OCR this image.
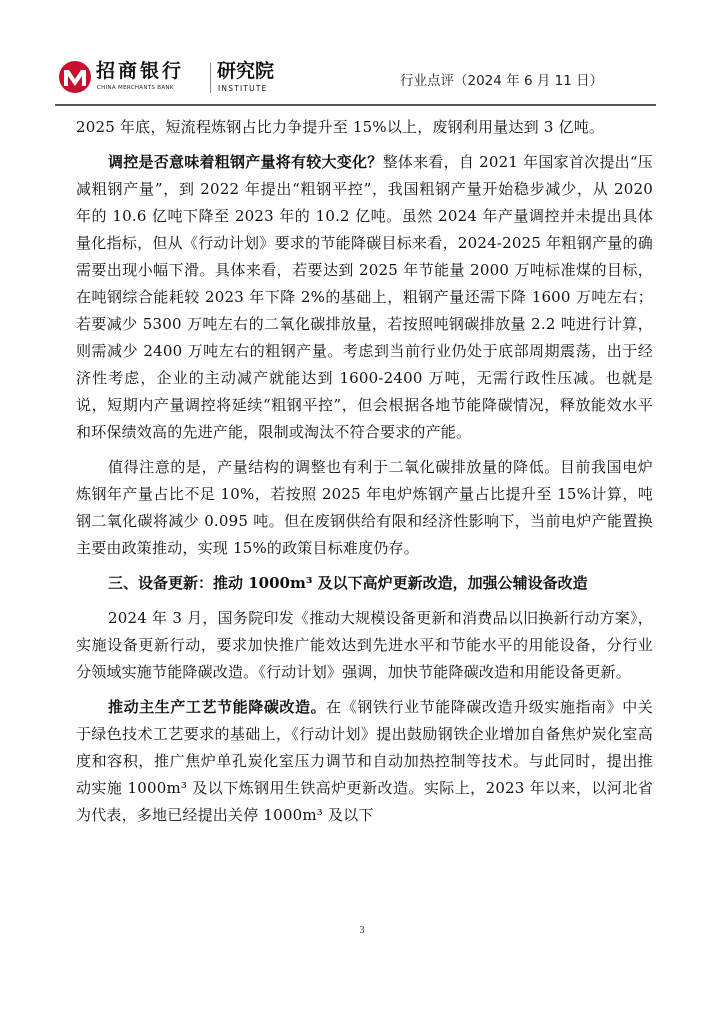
招商银行
CHINA MERCHANTS BANK
研究院
INSTITUTE	行业点评（2024 年 6 月 11 日）

2025 年底，短流程炼钢占比力争提升至 15%以上，废钢利用量达到 3 亿吨。

调控是否意味着粗钢产量将有较大变化？整体来看，自 2021 年国家首次提出“压减粗钢产量”，到 2022 年提出“粗钢平控”，我国粗钢产量开始稳步减少，从 2020 年的 10.6 亿吨下降至 2023 年的 10.2 亿吨。虽然 2024 年产量调控并未提出具体量化指标，但从《行动计划》要求的节能降碳目标来看，2024-2025 年粗钢产量的确需要出现小幅下滑。具体来看，若要达到 2025 年节能量 2000 万吨标准煤的目标，在吨钢综合能耗较 2023 年下降 2%的基础上，粗钢产量还需下降 1600 万吨左右；若要减少 5300 万吨左右的二氧化碳排放量，若按照吨钢碳排放量 2.2 吨进行计算，则需减少 2400 万吨左右的粗钢产量。考虑到当前行业仍处于底部周期震荡，出于经济性考虑，企业的主动减产就能达到 1600-2400 万吨，无需行政性压减。也就是说，短期内产量调控将延续“粗钢平控”，但会根据各地节能降碳情况，释放能效水平和环保绩效高的先进产能，限制或淘汰不符合要求的产能。

值得注意的是，产量结构的调整也有利于二氧化碳排放量的降低。目前我国电炉炼钢年产量占比不足 10%，若按照 2025 年电炉炼钢产量占比提升至 15%计算，吨钢二氧化碳将减少 0.095 吨。但在废钢供给有限和经济性影响下，当前电炉产能置换主要由政策推动，实现 15%的政策目标难度仍存。

三、设备更新：推动 1000m³ 及以下高炉更新改造，加强公辅设备改造

2024 年 3 月，国务院印发《推动大规模设备更新和消费品以旧换新行动方案》，实施设备更新行动，要求加快推广能效达到先进水平和节能水平的用能设备，分行业分领域实施节能降碳改造。《行动计划》强调，加快节能降碳改造和用能设备更新。

推动主生产工艺节能降碳改造。在《钢铁行业节能降碳改造升级实施指南》中关于绿色技术工艺要求的基础上，《行动计划》提出鼓励钢铁企业增加自备焦炉炭化室高度和容积，推广焦炉单孔炭化室压力调节和自动加热控制等技术。与此同时，提出推动实施 1000m³ 及以下炼钢用生铁高炉更新改造。实际上，2023 年以来，以河北省为代表，多地已经提出关停 1000m³ 及以下

3
